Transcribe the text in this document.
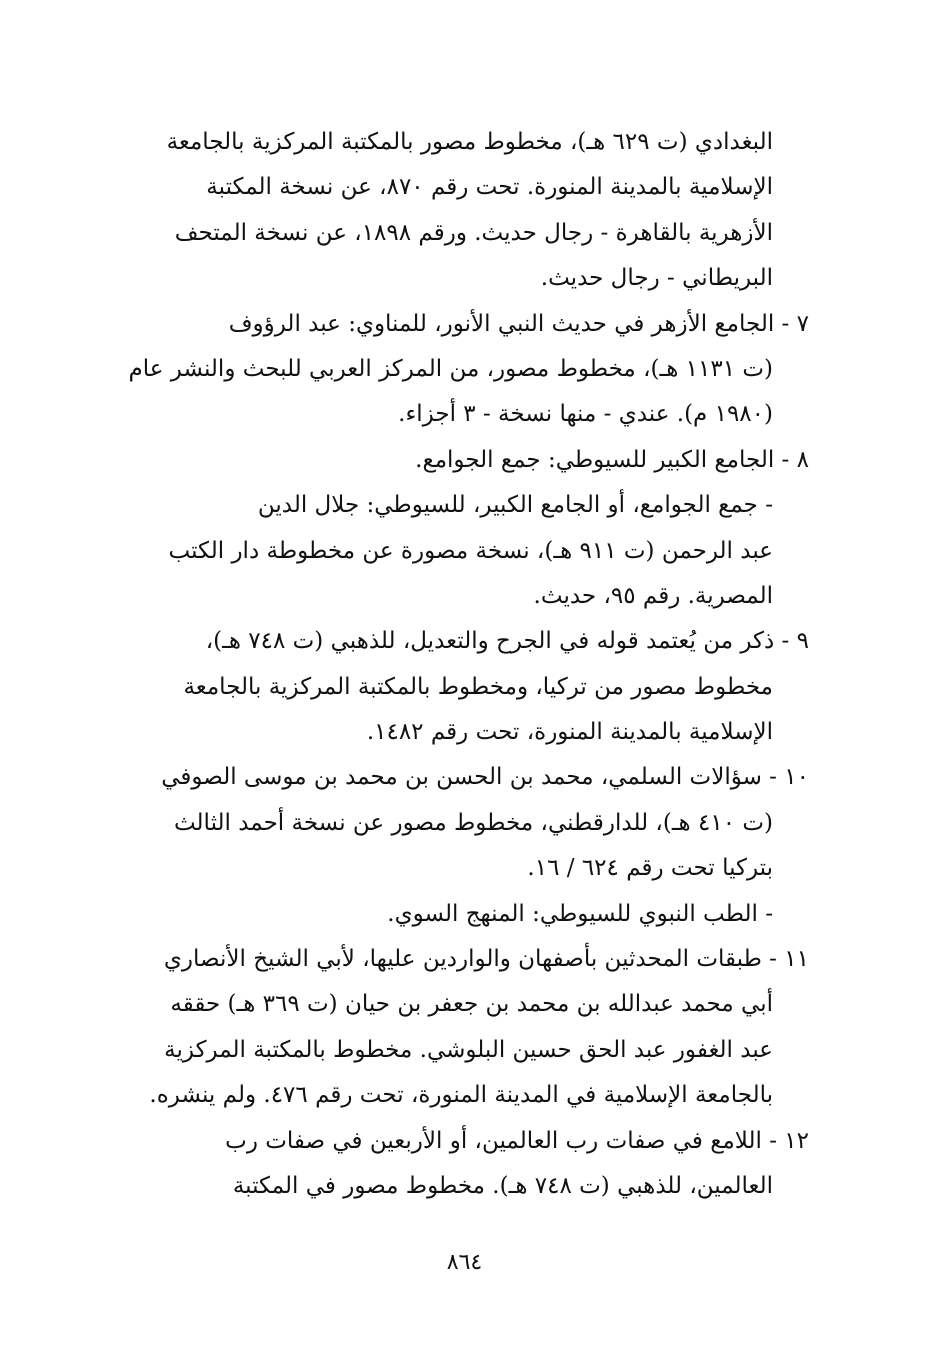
البغدادي (ت ٦٢٩ هـ)، مخطوط مصور بالمكتبة المركزية بالجامعة
الإسلامية بالمدينة المنورة. تحت رقم ٨٧٠، عن نسخة المكتبة
الأزهرية بالقاهرة - رجال حديث. ورقم ١٨٩٨، عن نسخة المتحف
البريطاني - رجال حديث.
٧ - الجامع الأزهر في حديث النبي الأنور، للمناوي: عبد الرؤوف
(ت ١١٣١ هـ)، مخطوط مصور، من المركز العربي للبحث والنشر عام
(١٩٨٠ م). عندي - منها نسخة - ٣ أجزاء.
٨ - الجامع الكبير للسيوطي: جمع الجوامع.
- جمع الجوامع، أو الجامع الكبير، للسيوطي: جلال الدين
عبد الرحمن (ت ٩١١ هـ)، نسخة مصورة عن مخطوطة دار الكتب
المصرية. رقم ٩٥، حديث.
٩ - ذكر من يُعتمد قوله في الجرح والتعديل، للذهبي (ت ٧٤٨ هـ)،
مخطوط مصور من تركيا، ومخطوط بالمكتبة المركزية بالجامعة
الإسلامية بالمدينة المنورة، تحت رقم ١٤٨٢.
١٠ - سؤالات السلمي، محمد بن الحسن بن محمد بن موسى الصوفي
(ت ٤١٠ هـ)، للدارقطني، مخطوط مصور عن نسخة أحمد الثالث
بتركيا تحت رقم ٦٢٤ / ١٦.
- الطب النبوي للسيوطي: المنهج السوي.
١١ - طبقات المحدثين بأصفهان والواردين عليها، لأبي الشيخ الأنصاري
أبي محمد عبدالله بن محمد بن جعفر بن حيان (ت ٣٦٩ هـ) حققه
عبد الغفور عبد الحق حسين البلوشي. مخطوط بالمكتبة المركزية
بالجامعة الإسلامية في المدينة المنورة، تحت رقم ٤٧٦. ولم ينشره.
١٢ - اللامع في صفات رب العالمين، أو الأربعين في صفات رب
العالمين، للذهبي (ت ٧٤٨ هـ). مخطوط مصور في المكتبة
٨٦٤
